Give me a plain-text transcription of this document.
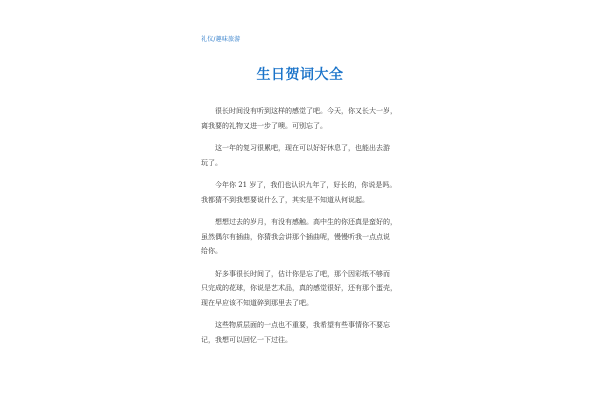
礼仪/趣味旅游
生日贺词大全

很长时间没有听到这样的感觉了吧。今天，你又长大一岁，
离我要的礼物又进一步了噢。可别忘了。

这一年的复习很累吧，现在可以好好休息了，也能出去游
玩了。

今年你 21 岁了，我们也认识九年了，好长的，你说是吗。
我都猜不到我想要说什么了，其实是不知道从何说起。

想想过去的岁月，有没有感触。高中生的你还真是蛮好的，
虽然偶尔有插曲，你猜我会讲那个插曲呢，慢慢听我一点点说
给你。

好多事很长时间了，估计你是忘了吧，那个因彩纸不够而
只完成的花球，你说是艺术品，真的感觉很好，还有那个蛋壳，
现在早应该不知道碎到那里去了吧。

这些物质层面的一点也不重要，我希望有些事情你不要忘
记，我想可以回忆一下过往。
